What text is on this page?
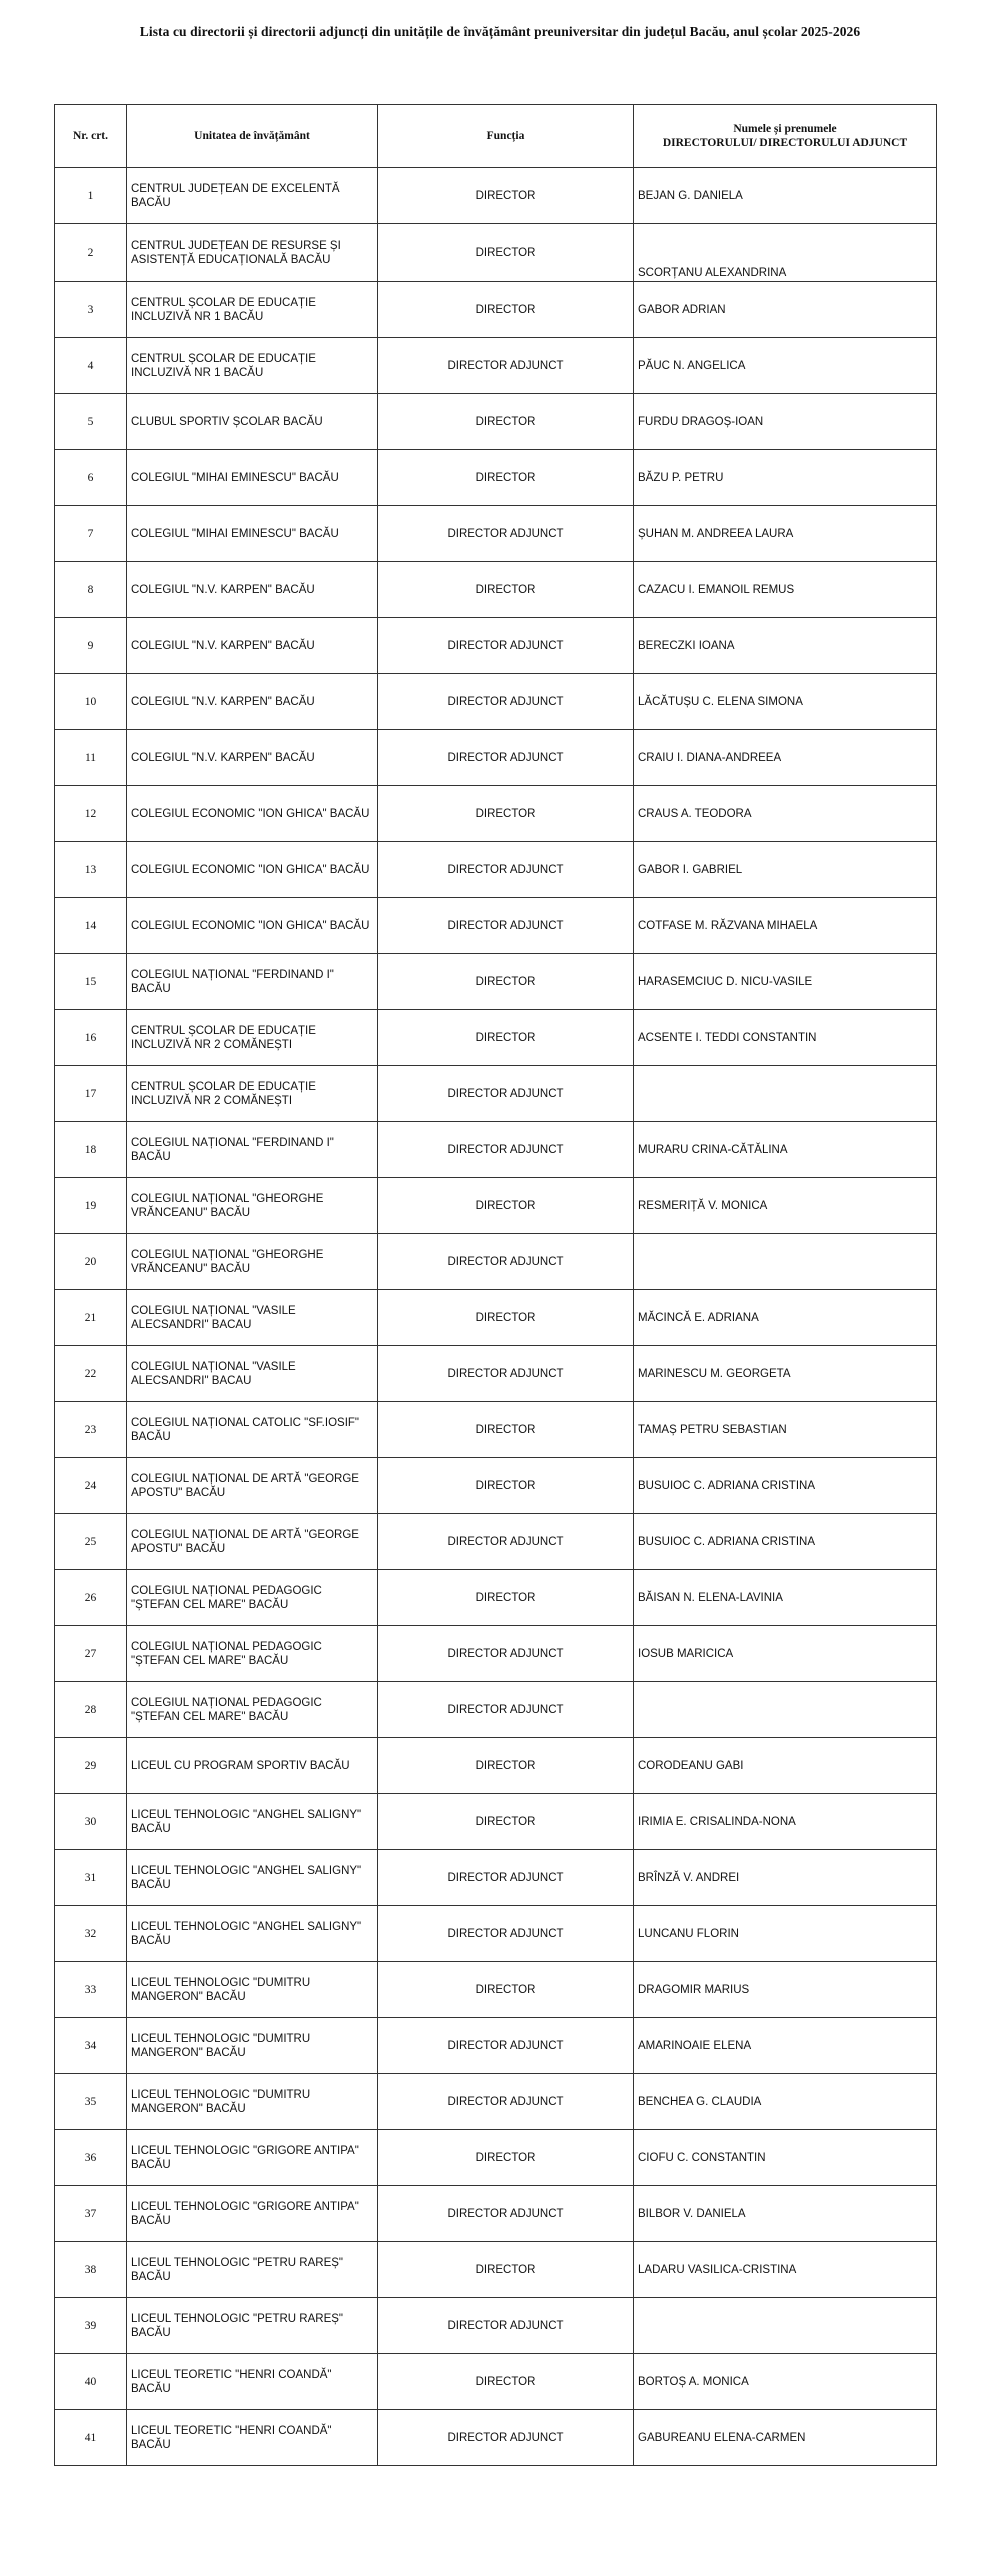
Lista cu directorii și directorii adjuncți din unitățile de învățământ preuniversitar din județul Bacău, anul școlar 2025-2026
Nr. crt.	Unitatea de învățământ	Funcția	Numele și prenumele
DIRECTORULUI/ DIRECTORULUI ADJUNCT

1	CENTRUL JUDEȚEAN DE EXCELENTĂ BACĂU	DIRECTOR	BEJAN G. DANIELA
2	CENTRUL JUDEȚEAN DE RESURSE ȘI ASISTENȚĂ EDUCAȚIONALĂ BACĂU	DIRECTOR	SCORȚANU ALEXANDRINA
3	CENTRUL ȘCOLAR DE EDUCAȚIE INCLUZIVĂ NR 1 BACĂU	DIRECTOR	GABOR ADRIAN
4	CENTRUL ȘCOLAR DE EDUCAȚIE INCLUZIVĂ NR 1 BACĂU	DIRECTOR ADJUNCT	PĂUC N. ANGELICA
5	CLUBUL SPORTIV ȘCOLAR BACĂU	DIRECTOR	FURDU DRAGOȘ-IOAN
6	COLEGIUL "MIHAI EMINESCU" BACĂU	DIRECTOR	BĂZU P. PETRU
7	COLEGIUL "MIHAI EMINESCU" BACĂU	DIRECTOR ADJUNCT	ȘUHAN M. ANDREEA LAURA
8	COLEGIUL "N.V. KARPEN" BACĂU	DIRECTOR	CAZACU I. EMANOIL REMUS
9	COLEGIUL "N.V. KARPEN" BACĂU	DIRECTOR ADJUNCT	BERECZKI IOANA
10	COLEGIUL "N.V. KARPEN" BACĂU	DIRECTOR ADJUNCT	LĂCĂTUȘU C. ELENA SIMONA
11	COLEGIUL "N.V. KARPEN" BACĂU	DIRECTOR ADJUNCT	CRAIU I. DIANA-ANDREEA
12	COLEGIUL ECONOMIC "ION GHICA" BACĂU	DIRECTOR	CRAUS A. TEODORA
13	COLEGIUL ECONOMIC "ION GHICA" BACĂU	DIRECTOR ADJUNCT	GABOR I. GABRIEL
14	COLEGIUL ECONOMIC "ION GHICA" BACĂU	DIRECTOR ADJUNCT	COTFASE M. RĂZVANA MIHAELA
15	COLEGIUL NAȚIONAL "FERDINAND I" BACĂU	DIRECTOR	HARASEMCIUC D. NICU-VASILE
16	CENTRUL ȘCOLAR DE EDUCAȚIE INCLUZIVĂ NR 2 COMĂNEȘTI	DIRECTOR	ACSENTE I. TEDDI CONSTANTIN
17	CENTRUL ȘCOLAR DE EDUCAȚIE INCLUZIVĂ NR 2 COMĂNEȘTI	DIRECTOR ADJUNCT	
18	COLEGIUL NAȚIONAL "FERDINAND I" BACĂU	DIRECTOR ADJUNCT	MURARU CRINA-CĂTĂLINA
19	COLEGIUL NAȚIONAL "GHEORGHE VRĂNCEANU" BACĂU	DIRECTOR	RESMERIȚĂ V. MONICA
20	COLEGIUL NAȚIONAL "GHEORGHE VRĂNCEANU" BACĂU	DIRECTOR ADJUNCT	
21	COLEGIUL NAȚIONAL "VASILE ALECSANDRI" BACAU	DIRECTOR	MĂCINCĂ E. ADRIANA
22	COLEGIUL NAȚIONAL "VASILE ALECSANDRI" BACAU	DIRECTOR ADJUNCT	MARINESCU M. GEORGETA
23	COLEGIUL NAȚIONAL CATOLIC "SF.IOSIF" BACĂU	DIRECTOR	TAMAȘ PETRU SEBASTIAN
24	COLEGIUL NAȚIONAL DE ARTĂ "GEORGE APOSTU" BACĂU	DIRECTOR	BUSUIOC C. ADRIANA CRISTINA
25	COLEGIUL NAȚIONAL DE ARTĂ "GEORGE APOSTU" BACĂU	DIRECTOR ADJUNCT	BUSUIOC C. ADRIANA CRISTINA
26	COLEGIUL NAȚIONAL PEDAGOGIC "ȘTEFAN CEL MARE" BACĂU	DIRECTOR	BĂISAN N. ELENA-LAVINIA
27	COLEGIUL NAȚIONAL PEDAGOGIC "ȘTEFAN CEL MARE" BACĂU	DIRECTOR ADJUNCT	IOSUB MARICICA
28	COLEGIUL NAȚIONAL PEDAGOGIC "ȘTEFAN CEL MARE" BACĂU	DIRECTOR ADJUNCT	
29	LICEUL CU PROGRAM SPORTIV BACĂU	DIRECTOR	CORODEANU GABI
30	LICEUL TEHNOLOGIC "ANGHEL SALIGNY" BACĂU	DIRECTOR	IRIMIA E. CRISALINDA-NONA
31	LICEUL TEHNOLOGIC "ANGHEL SALIGNY" BACĂU	DIRECTOR ADJUNCT	BRÎNZĂ V. ANDREI
32	LICEUL TEHNOLOGIC "ANGHEL SALIGNY" BACĂU	DIRECTOR ADJUNCT	LUNCANU FLORIN
33	LICEUL TEHNOLOGIC "DUMITRU MANGERON" BACĂU	DIRECTOR	DRAGOMIR MARIUS
34	LICEUL TEHNOLOGIC "DUMITRU MANGERON" BACĂU	DIRECTOR ADJUNCT	AMARINOAIE ELENA
35	LICEUL TEHNOLOGIC "DUMITRU MANGERON" BACĂU	DIRECTOR ADJUNCT	BENCHEA G. CLAUDIA
36	LICEUL TEHNOLOGIC "GRIGORE ANTIPA" BACĂU	DIRECTOR	CIOFU C. CONSTANTIN
37	LICEUL TEHNOLOGIC "GRIGORE ANTIPA" BACĂU	DIRECTOR ADJUNCT	BILBOR V. DANIELA
38	LICEUL TEHNOLOGIC "PETRU RAREȘ" BACĂU	DIRECTOR	LADARU VASILICA-CRISTINA
39	LICEUL TEHNOLOGIC "PETRU RAREȘ" BACĂU	DIRECTOR ADJUNCT	
40	LICEUL TEORETIC "HENRI COANDĂ" BACĂU	DIRECTOR	BORTOȘ A. MONICA
41	LICEUL TEORETIC "HENRI COANDĂ" BACĂU	DIRECTOR ADJUNCT	GABUREANU ELENA-CARMEN
